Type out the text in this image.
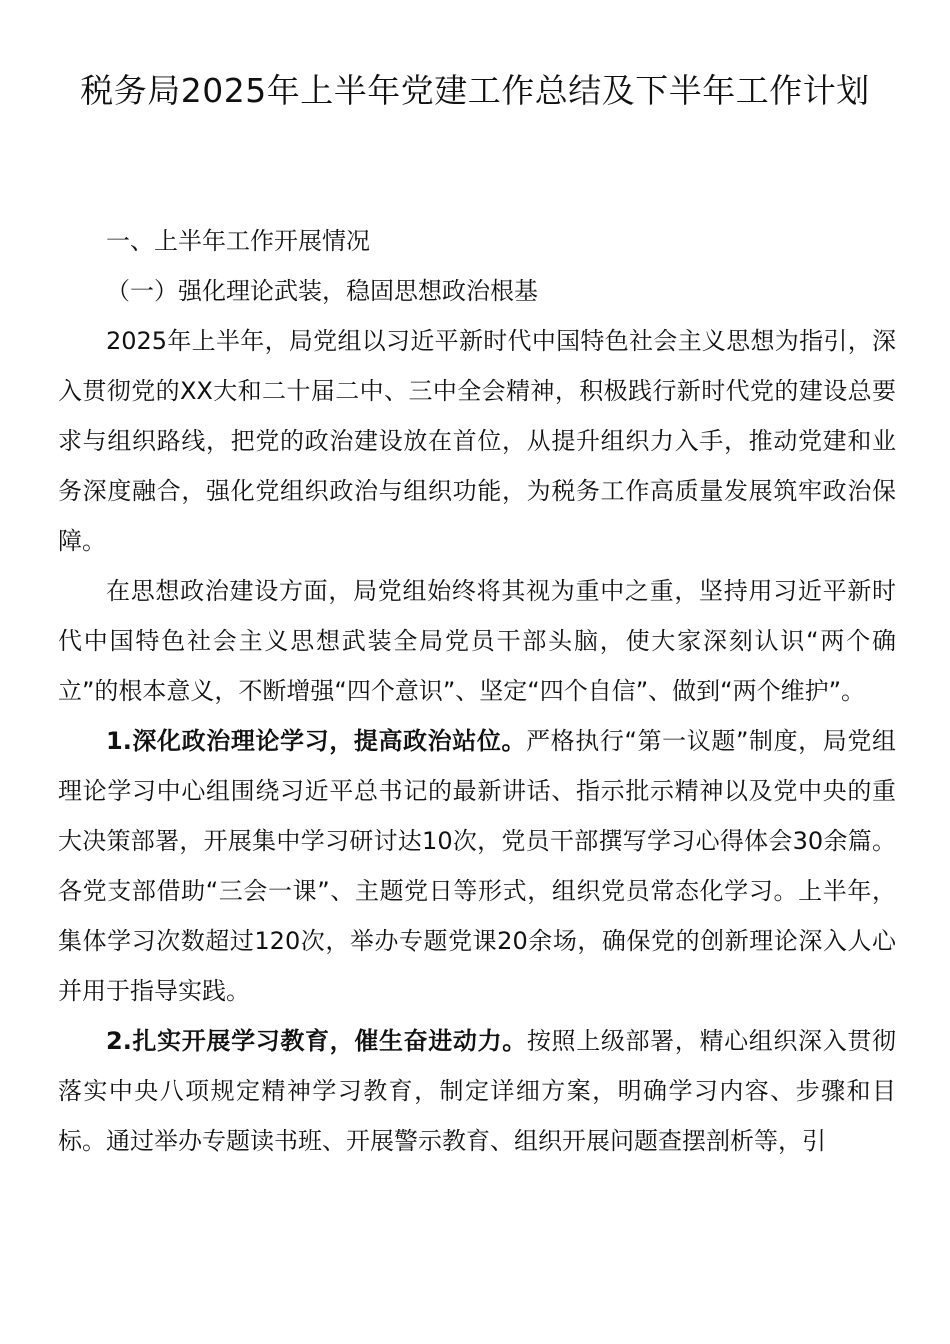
税务局2025年上半年党建工作总结及下半年工作计划

一、上半年工作开展情况

（一）强化理论武装，稳固思想政治根基

2025年上半年，局党组以习近平新时代中国特色社会主义思想为指引，深入贯彻党的XX大和二十届二中、三中全会精神，积极践行新时代党的建设总要求与组织路线，把党的政治建设放在首位，从提升组织力入手，推动党建和业务深度融合，强化党组织政治与组织功能，为税务工作高质量发展筑牢政治保障。

在思想政治建设方面，局党组始终将其视为重中之重，坚持用习近平新时代中国特色社会主义思想武装全局党员干部头脑，使大家深刻认识“两个确立”的根本意义，不断增强“四个意识”、坚定“四个自信”、做到“两个维护”。

1.深化政治理论学习，提高政治站位。严格执行“第一议题”制度，局党组理论学习中心组围绕习近平总书记的最新讲话、指示批示精神以及党中央的重大决策部署，开展集中学习研讨达10次，党员干部撰写学习心得体会30余篇。各党支部借助“三会一课”、主题党日等形式，组织党员常态化学习。上半年，集体学习次数超过120次，举办专题党课20余场，确保党的创新理论深入人心并用于指导实践。

2.扎实开展学习教育，催生奋进动力。按照上级部署，精心组织深入贯彻落实中央八项规定精神学习教育，制定详细方案，明确学习内容、步骤和目标。通过举办专题读书班、开展警示教育、组织开展问题查摆剖析等，引
